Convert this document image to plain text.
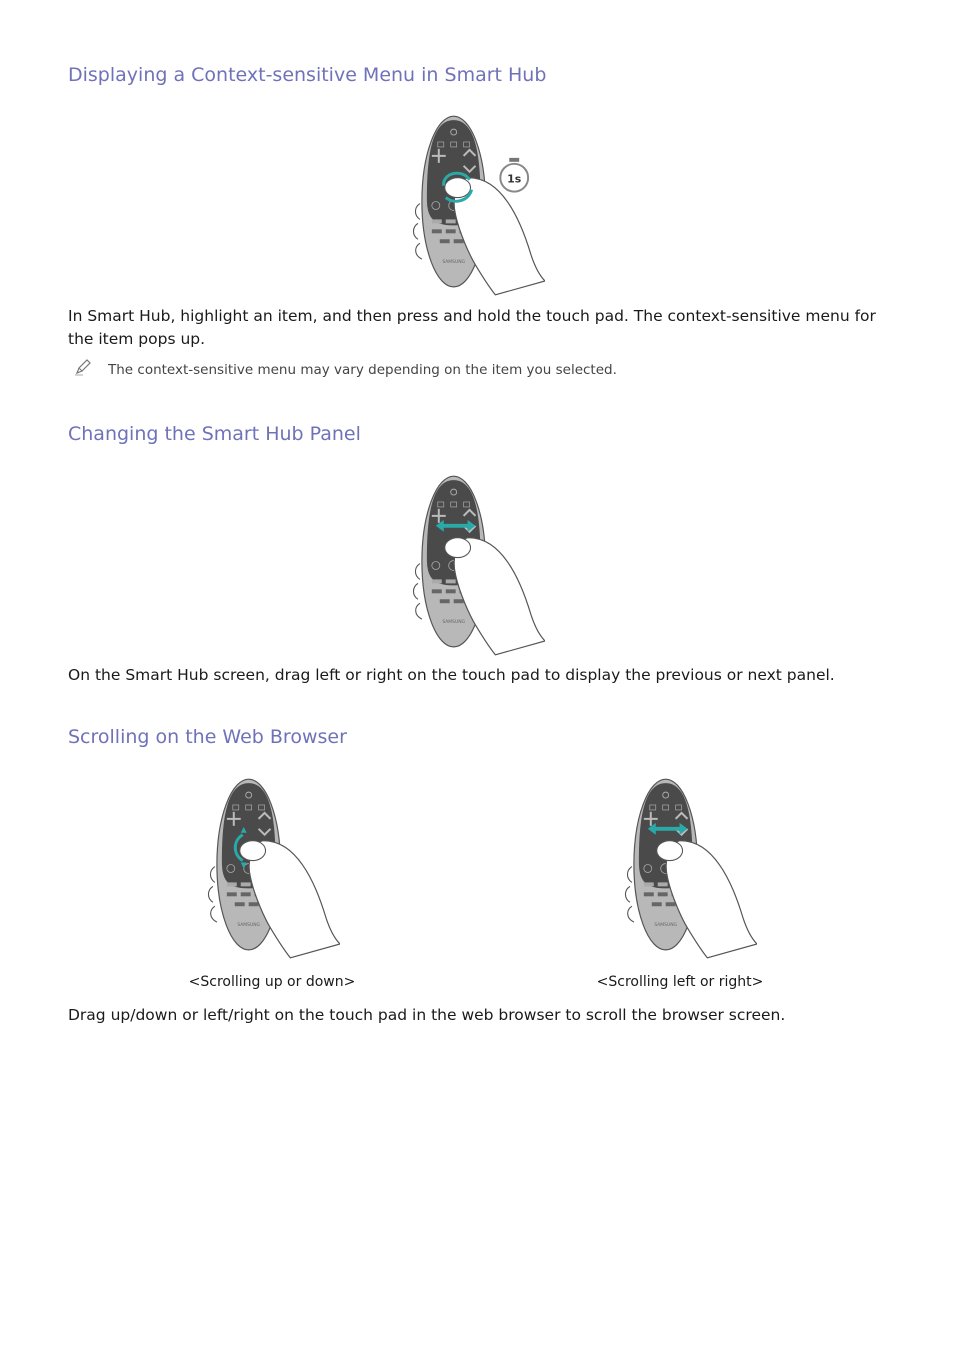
Displaying a Context-sensitive Menu in Smart Hub
1s

In Smart Hub, highlight an item, and then press and hold the touch pad. The context-sensitive menu for the item pops up.

The context-sensitive menu may vary depending on the item you selected.
Changing the Smart Hub Panel

On the Smart Hub screen, drag left or right on the touch pad to display the previous or next panel.

Scrolling on the Web Browser
<Scrolling up or down>	<Scrolling left or right>

Drag up/down or left/right on the touch pad in the web browser to scroll the browser screen.
